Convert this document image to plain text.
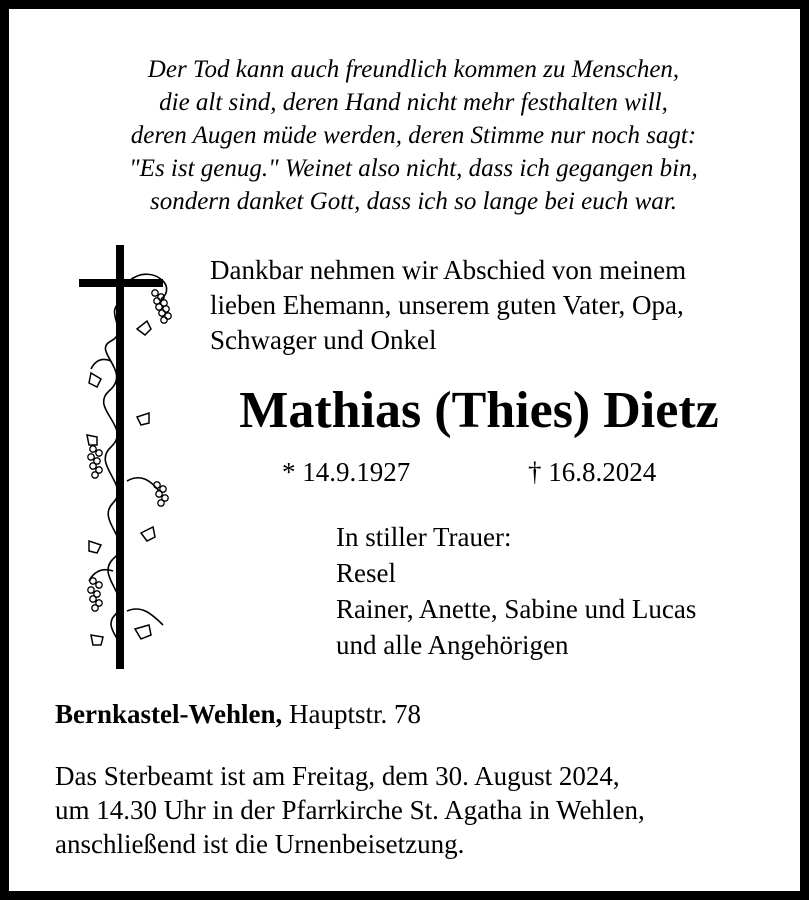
Der Tod kann auch freundlich kommen zu Menschen,
die alt sind, deren Hand nicht mehr festhalten will,
deren Augen müde werden, deren Stimme nur noch sagt:
"Es ist genug." Weinet also nicht, dass ich gegangen bin,
sondern danket Gott, dass ich so lange bei euch war.
Dankbar nehmen wir Abschied von meinem
lieben Ehemann, unserem guten Vater, Opa,
Schwager und Onkel
Mathias (Thies) Dietz
* 14.9.1927	† 16.8.2024
In stiller Trauer:
Resel
Rainer, Anette, Sabine und Lucas
und alle Angehörigen
Bernkastel-Wehlen, Hauptstr. 78
Das Sterbeamt ist am Freitag, dem 30. August 2024,
um 14.30 Uhr in der Pfarrkirche St. Agatha in Wehlen,
anschließend ist die Urnenbeisetzung.
